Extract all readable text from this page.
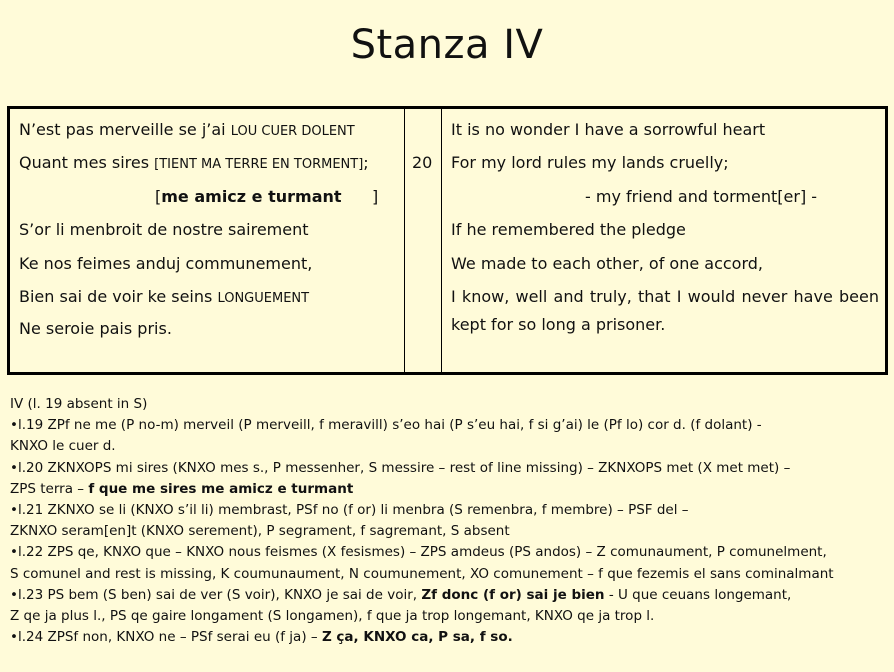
Stanza IV
N’est pas merveille se j’ai LOU CUER DOLENT
Quant mes sires [TIENT MA TERRE EN TORMENT];
[me amicz e turmant      ]
S’or li menbroit de nostre sairement
Ke nos feimes anduj communement,
Bien sai de voir ke seins LONGUEMENT
Ne seroie pais pris.
20
It is no wonder I have a sorrowful heart
For my lord rules my lands cruelly;
- my friend and torment[er] -
If he remembered the pledge
We made to each other, of one accord,
I know, well and truly, that I would never have been kept for so long a prisoner.
IV (l. 19 absent in S)
•l.19 ZPf ne me (P no-m) merveil (P merveill, f meravill) s’eo hai (P s’eu hai, f si g’ai) le (Pf lo) cor d. (f dolant) -
KNXO le cuer d.
•l.20 ZKNXOPS mi sires (KNXO mes s., P messenher, S messire – rest of line missing) – ZKNXOPS met (X met met) –
ZPS terra – f que me sires me amicz e turmant
•l.21 ZKNXO se li (KNXO s’il li) membrast, PSf no (f or) li menbra (S remenbra, f membre) – PSF del –
ZKNXO seram[en]t (KNXO serement), P segrament, f sagremant, S absent
•l.22 ZPS qe, KNXO que – KNXO nous feismes (X fesismes) – ZPS amdeus (PS andos) – Z comunaument, P comunelment,
S comunel and rest is missing, K coumunaument, N coumunement, XO comunement – f que fezemis el sans cominalmant
•l.23 PS bem (S ben) sai de ver (S voir), KNXO je sai de voir, Zf donc (f or) sai je bien - U que ceuans longemant,
Z qe ja plus l., PS qe gaire longament (S longamen), f que ja trop longemant, KNXO qe ja trop l.
•l.24 ZPSf non, KNXO ne – PSf serai eu (f ja) – Z ça, KNXO ca, P sa, f so.
